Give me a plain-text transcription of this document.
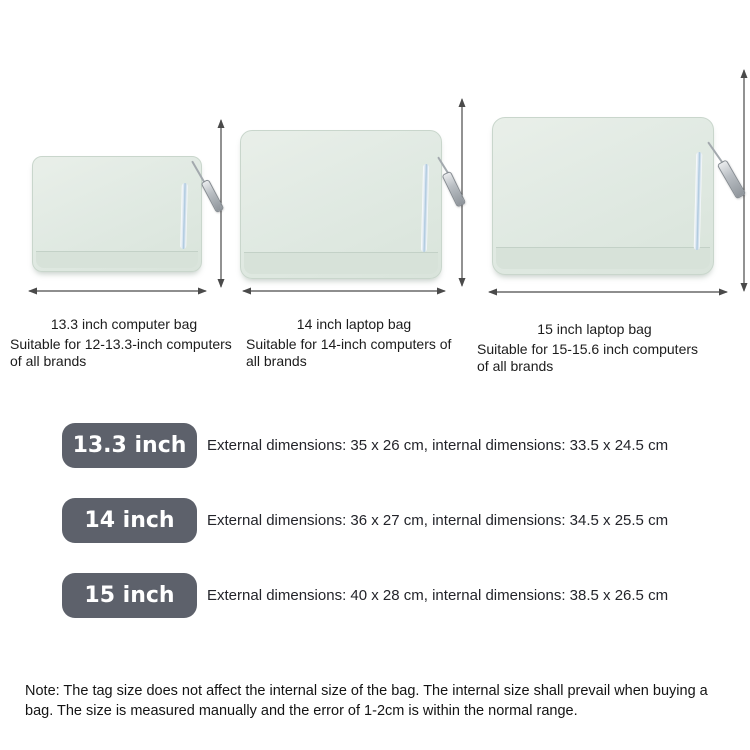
13.3 inch computer bag
Suitable for 12-13.3-inch computers of all brands
14 inch laptop bag
Suitable for 14-inch computers of all brands
15 inch laptop bag
Suitable for 15-15.6 inch computers of all brands
13.3 inch	External dimensions: 35 x 26 cm, internal dimensions: 33.5 x 24.5 cm
14 inch	External dimensions: 36 x 27 cm, internal dimensions: 34.5 x 25.5 cm
15 inch	External dimensions: 40 x 28 cm, internal dimensions: 38.5 x 26.5 cm
Note: The tag size does not affect the internal size of the bag. The internal size shall prevail when buying a bag. The size is measured manually and the error of 1-2cm is within the normal range.
